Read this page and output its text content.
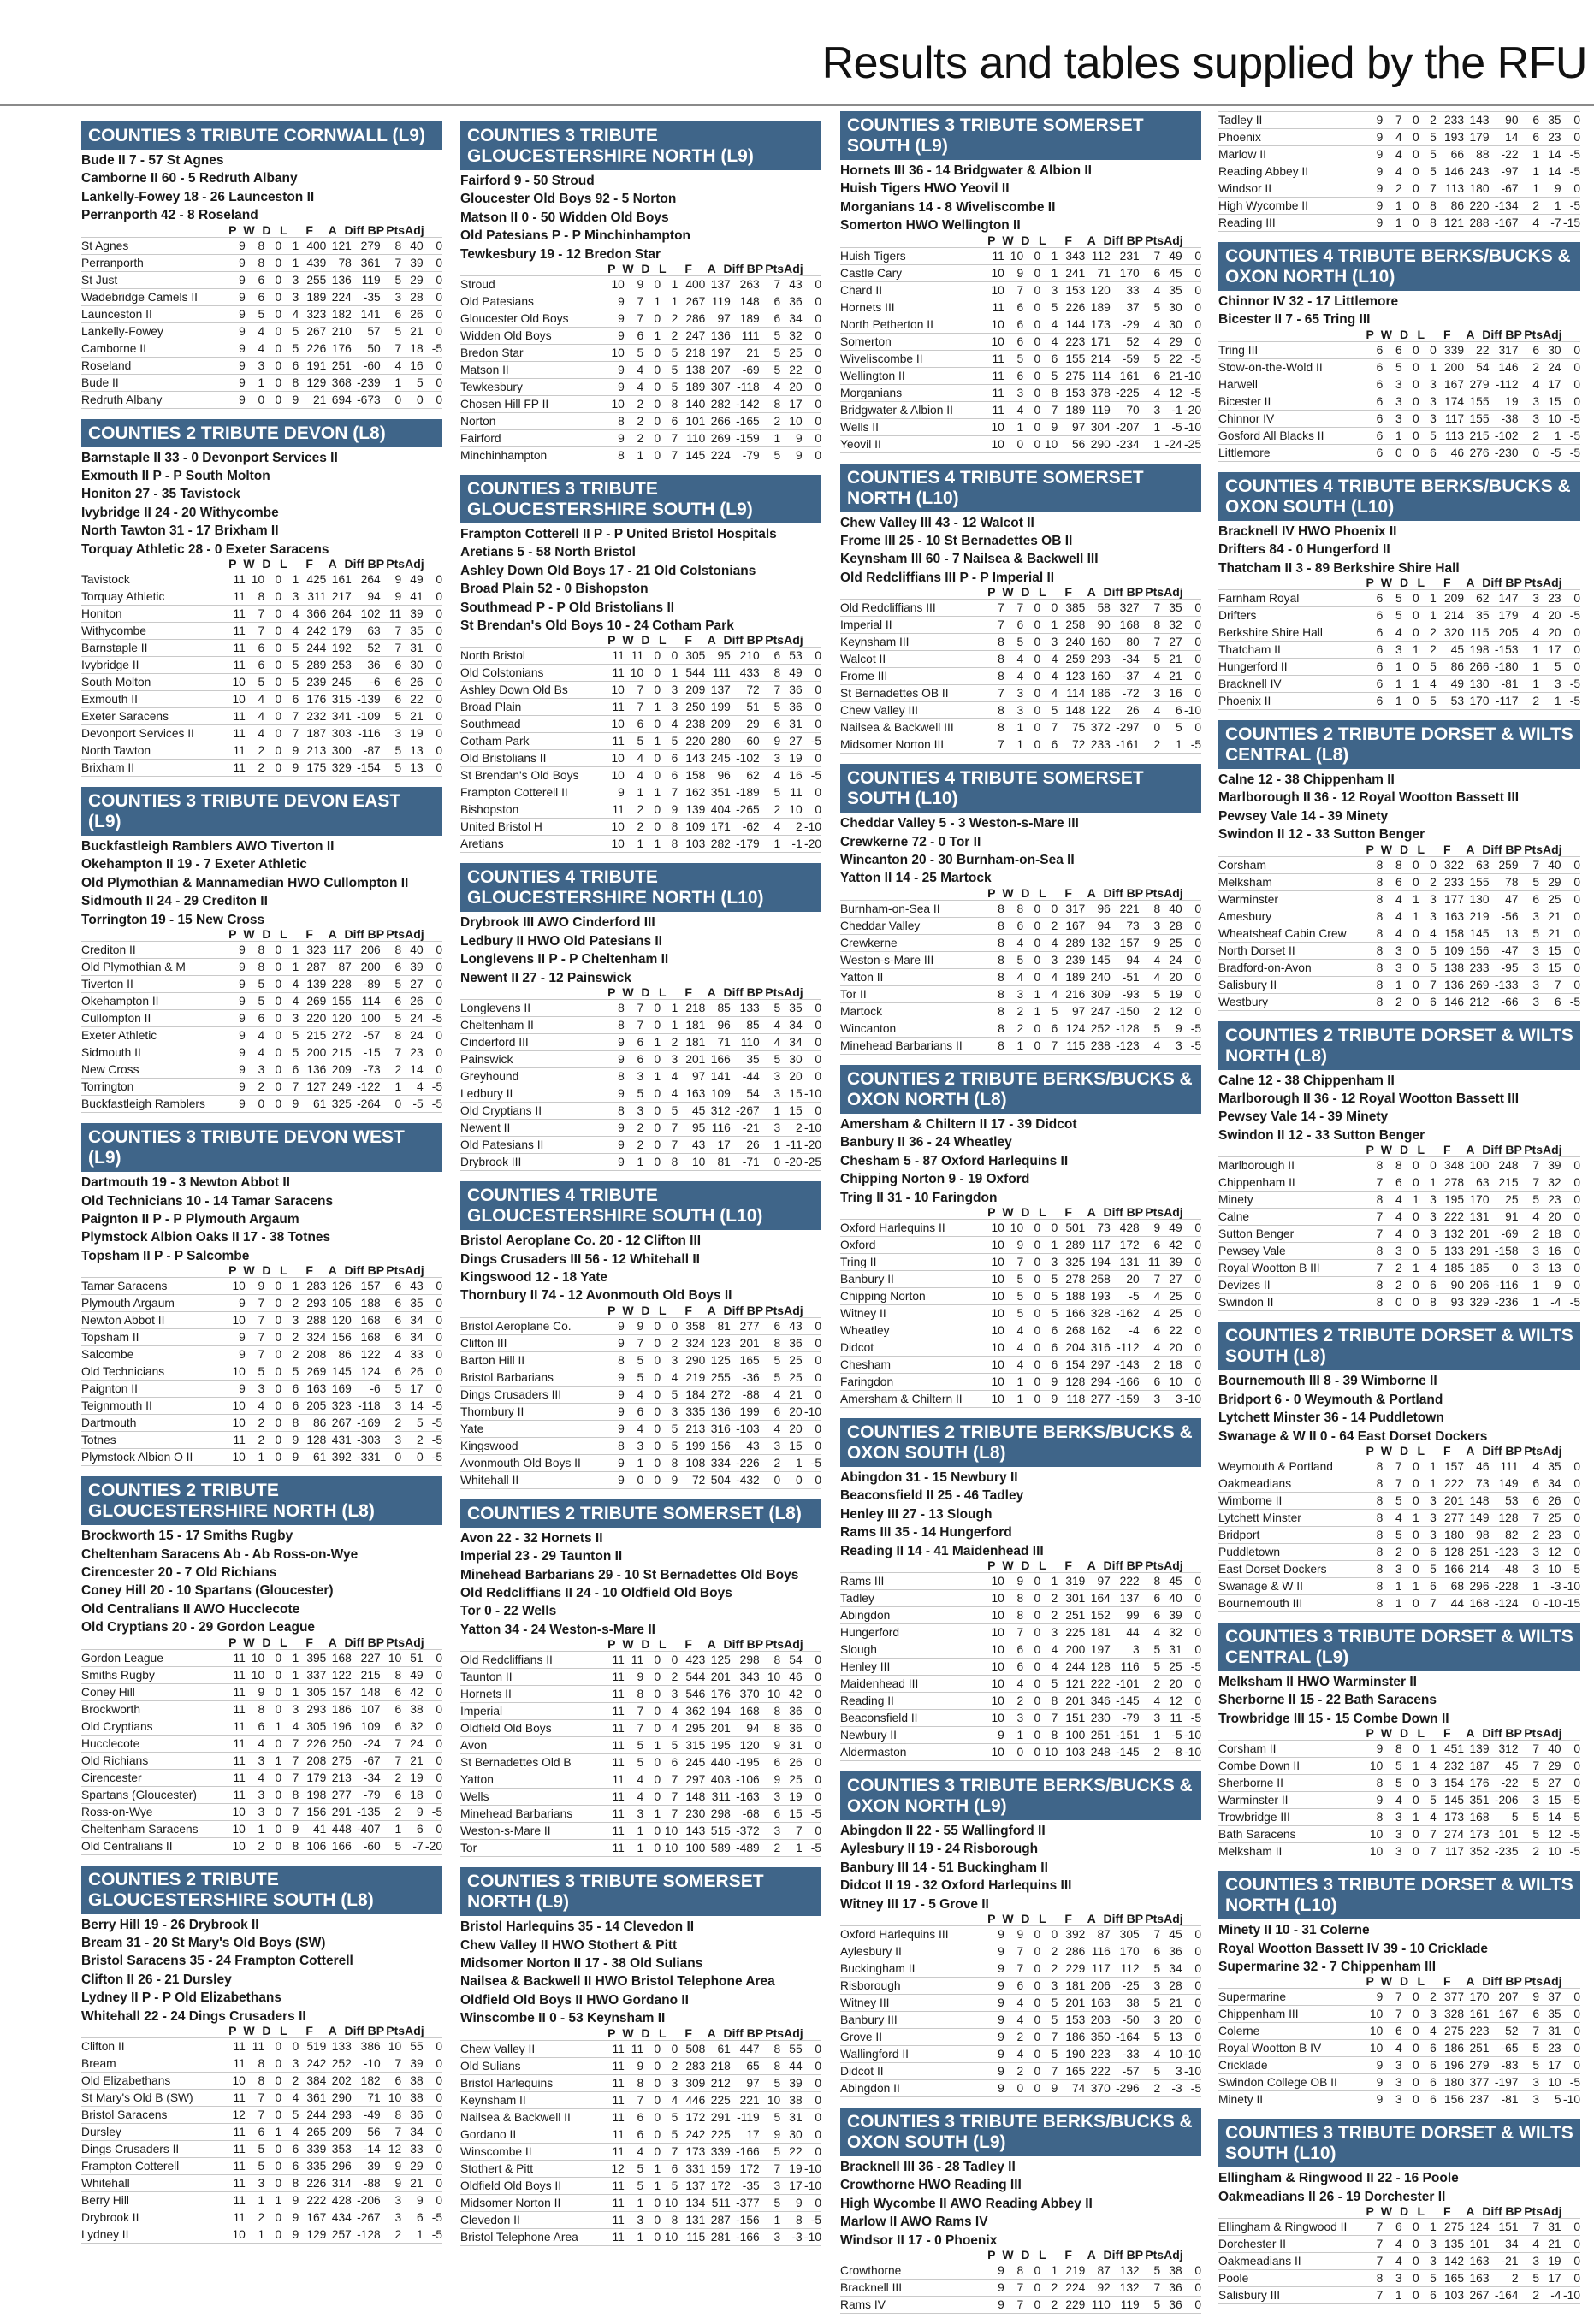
Results and tables supplied by the RFU
COUNTIES 3 TRIBUTE CORNWALL (L9)
Bude II 7 - 57 St Agnes
Camborne II 60 - 5 Redruth Albany
Lankelly-Fowey 18 - 26 Launceston II
Perranporth 42 - 8 Roseland
P W D L	F	A Diff BP Pts Adj
St Agnes	9	8	0	1	400	121	279	8	40	0
Perranporth	9	8	0	1	439	78	361	7	39	0
St Just	9	6	0	3	255	136	119	5	29	0
Wadebridge Camels II	9	6	0	3	189	224	-35	3	28	0
Launceston II	9	5	0	4	323	182	141	6	26	0
Lankelly-Fowey	9	4	0	5	267	210	57	5	21	0
Camborne II	9	4	0	5	226	176	50	7	18	-5
Roseland	9	3	0	6	191	251	-60	4	16	0
Bude II	9	1	0	8	129	368	-239	1	5	0
Redruth Albany	9	0	0	9	21	694	-673	0	0	0
COUNTIES 2 TRIBUTE DEVON (L8)
Barnstaple II 33 - 0 Devonport Services II
Exmouth II P - P South Molton
Honiton 27 - 35 Tavistock
Ivybridge II 24 - 20 Withycombe
North Tawton 31 - 17 Brixham II
Torquay Athletic 28 - 0 Exeter Saracens
P W D L	F	A Diff BP Pts Adj
Tavistock	11	10	0	1	425	161	264	9	49	0
Torquay Athletic	11	8	0	3	311	217	94	9	41	0
Honiton	11	7	0	4	366	264	102	11	39	0
Withycombe	11	7	0	4	242	179	63	7	35	0
Barnstaple II	11	6	0	5	244	192	52	7	31	0
Ivybridge II	11	6	0	5	289	253	36	6	30	0
South Molton	10	5	0	5	239	245	-6	6	26	0
Exmouth II	10	4	0	6	176	315	-139	6	22	0
Exeter Saracens	11	4	0	7	232	341	-109	5	21	0
Devonport Services II	11	4	0	7	187	303	-116	3	19	0
North Tawton	11	2	0	9	213	300	-87	5	13	0
Brixham II	11	2	0	9	175	329	-154	5	13	0
COUNTIES 3 TRIBUTE DEVON EAST (L9)
Buckfastleigh Ramblers AWO Tiverton II
Okehampton II 19 - 7 Exeter Athletic
Old Plymothian & Mannamedian HWO Cullompton II
Sidmouth II 24 - 29 Crediton II
Torrington 19 - 15 New Cross
P W D L	F	A Diff BP Pts Adj
Crediton II	9	8	0	1	323	117	206	8	40	0
Old Plymothian & M	9	8	0	1	287	87	200	6	39	0
Tiverton II	9	5	0	4	139	228	-89	5	27	0
Okehampton II	9	5	0	4	269	155	114	6	26	0
Cullompton II	9	6	0	3	220	120	100	5	24	-5
Exeter Athletic	9	4	0	5	215	272	-57	8	24	0
Sidmouth II	9	4	0	5	200	215	-15	7	23	0
New Cross	9	3	0	6	136	209	-73	2	14	0
Torrington	9	2	0	7	127	249	-122	1	4	-5
Buckfastleigh Ramblers	9	0	0	9	61	325	-264	0	-5	-5
COUNTIES 3 TRIBUTE DEVON WEST (L9)
Dartmouth 19 - 3 Newton Abbot II
Old Technicians 10 - 14 Tamar Saracens
Paignton II P - P Plymouth Argaum
Plymstock Albion Oaks II 17 - 38 Totnes
Topsham II P - P Salcombe
P W D L	F	A Diff BP Pts Adj
Tamar Saracens	10	9	0	1	283	126	157	6	43	0
Plymouth Argaum	9	7	0	2	293	105	188	6	35	0
Newton Abbot II	10	7	0	3	288	120	168	6	34	0
Topsham II	9	7	0	2	324	156	168	6	34	0
Salcombe	9	7	0	2	208	86	122	4	33	0
Old Technicians	10	5	0	5	269	145	124	6	26	0
Paignton II	9	3	0	6	163	169	-6	5	17	0
Teignmouth II	10	4	0	6	205	323	-118	3	14	-5
Dartmouth	10	2	0	8	86	267	-169	2	5	-5
Totnes	11	2	0	9	128	431	-303	3	2	-5
Plymstock Albion O II	10	1	0	9	61	392	-331	0	0	-5
COUNTIES 2 TRIBUTE GLOUCESTERSHIRE NORTH (L8)
Brockworth 15 - 17 Smiths Rugby
Cheltenham Saracens Ab - Ab Ross-on-Wye
Cirencester 20 - 7 Old Richians
Coney Hill 20 - 10 Spartans (Gloucester)
Old Centralians II AWO Hucclecote
Old Cryptians 20 - 29 Gordon League
P W D L	F	A Diff BP Pts Adj
Gordon League	11	10	0	1	395	168	227	10	51	0
Smiths Rugby	11	10	0	1	337	122	215	8	49	0
Coney Hill	11	9	0	1	305	157	148	6	42	0
Brockworth	11	8	0	3	293	186	107	6	38	0
Old Cryptians	11	6	1	4	305	196	109	6	32	0
Hucclecote	11	4	0	7	226	250	-24	7	24	0
Old Richians	11	3	1	7	208	275	-67	7	21	0
Cirencester	11	4	0	7	179	213	-34	2	19	0
Spartans (Gloucester)	11	3	0	8	198	277	-79	6	18	0
Ross-on-Wye	10	3	0	7	156	291	-135	2	9	-5
Cheltenham Saracens	10	1	0	9	41	448	-407	1	6	0
Old Centralians II	10	2	0	8	106	166	-60	5	-7	-20
COUNTIES 2 TRIBUTE GLOUCESTERSHIRE SOUTH (L8)
Berry Hill 19 - 26 Drybrook II
Bream 31 - 20 St Mary's Old Boys (SW)
Bristol Saracens 35 - 24 Frampton Cotterell
Clifton II 26 - 21 Dursley
Lydney II P - P Old Elizabethans
Whitehall 22 - 24 Dings Crusaders II
P W D L	F	A Diff BP Pts Adj
Clifton II	11	11	0	0	519	133	386	10	55	0
Bream	11	8	0	3	242	252	-10	7	39	0
Old Elizabethans	10	8	0	2	384	202	182	6	38	0
St Mary's Old B (SW)	11	7	0	4	361	290	71	10	38	0
Bristol Saracens	12	7	0	5	244	293	-49	8	36	0
Dursley	11	6	1	4	265	209	56	7	34	0
Dings Crusaders II	11	5	0	6	339	353	-14	12	33	0
Frampton Cotterell	11	5	0	6	335	296	39	9	29	0
Whitehall	11	3	0	8	226	314	-88	9	21	0
Berry Hill	11	1	1	9	222	428	-206	3	9	0
Drybrook II	11	2	0	9	167	434	-267	3	6	-5
Lydney II	10	1	0	9	129	257	-128	2	1	-5
COUNTIES 3 TRIBUTE GLOUCESTERSHIRE NORTH (L9)
Fairford 9 - 50 Stroud
Gloucester Old Boys 92 - 5 Norton
Matson II 0 - 50 Widden Old Boys
Old Patesians P - P Minchinhampton
Tewkesbury 19 - 12 Bredon Star
P W D L	F	A Diff BP Pts Adj
Stroud	10	9	0	1	400	137	263	7	43	0
Old Patesians	9	7	1	1	267	119	148	6	36	0
Gloucester Old Boys	9	7	0	2	286	97	189	6	34	0
Widden Old Boys	9	6	1	2	247	136	111	5	32	0
Bredon Star	10	5	0	5	218	197	21	5	25	0
Matson II	9	4	0	5	138	207	-69	5	22	0
Tewkesbury	9	4	0	5	189	307	-118	4	20	0
Chosen Hill FP II	10	2	0	8	140	282	-142	8	17	0
Norton	8	2	0	6	101	266	-165	2	10	0
Fairford	9	2	0	7	110	269	-159	1	9	0
Minchinhampton	8	1	0	7	145	224	-79	5	9	0
COUNTIES 3 TRIBUTE GLOUCESTERSHIRE SOUTH (L9)
Frampton Cotterell II P - P United Bristol Hospitals
Aretians 5 - 58 North Bristol
Ashley Down Old Boys 17 - 21 Old Colstonians
Broad Plain 52 - 0 Bishopston
Southmead P - P Old Bristolians II
St Brendan's Old Boys 10 - 24 Cotham Park
P W D L	F	A Diff BP Pts Adj
North Bristol	11	11	0	0	305	95	210	6	53	0
Old Colstonians	11	10	0	1	544	111	433	8	49	0
Ashley Down Old Bs	10	7	0	3	209	137	72	7	36	0
Broad Plain	11	7	1	3	250	199	51	5	36	0
Southmead	10	6	0	4	238	209	29	6	31	0
Cotham Park	11	5	1	5	220	280	-60	9	27	-5
Old Bristolians II	10	4	0	6	143	245	-102	3	19	0
St Brendan's Old Boys	10	4	0	6	158	96	62	4	16	-5
Frampton Cotterell II	9	1	1	7	162	351	-189	5	11	0
Bishopston	11	2	0	9	139	404	-265	2	10	0
United Bristol H	10	2	0	8	109	171	-62	4	2	-10
Aretians	10	1	1	8	103	282	-179	1	-1	-20
COUNTIES 4 TRIBUTE GLOUCESTERSHIRE NORTH (L10)
Drybrook III AWO Cinderford III
Ledbury II HWO Old Patesians II
Longlevens II P - P Cheltenham II
Newent II 27 - 12 Painswick
P W D L	F	A Diff BP Pts Adj
Longlevens II	8	7	0	1	218	85	133	5	35	0
Cheltenham II	8	7	0	1	181	96	85	4	34	0
Cinderford III	9	6	1	2	181	71	110	4	34	0
Painswick	9	6	0	3	201	166	35	5	30	0
Greyhound	8	3	1	4	97	141	-44	3	20	0
Ledbury II	9	5	0	4	163	109	54	3	15	-10
Old Cryptians II	8	3	0	5	45	312	-267	1	15	0
Newent II	9	2	0	7	95	116	-21	3	2	-10
Old Patesians II	9	2	0	7	43	17	26	1	-11	-20
Drybrook III	9	1	0	8	10	81	-71	0	-20	-25
COUNTIES 4 TRIBUTE GLOUCESTERSHIRE SOUTH (L10)
Bristol Aeroplane Co. 20 - 12 Clifton III
Dings Crusaders III 56 - 12 Whitehall II
Kingswood 12 - 18 Yate
Thornbury II 74 - 12 Avonmouth Old Boys II
P W D L	F	A Diff BP Pts Adj
Bristol Aeroplane Co.	9	9	0	0	358	81	277	6	43	0
Clifton III	9	7	0	2	324	123	201	8	36	0
Barton Hill II	8	5	0	3	290	125	165	5	25	0
Bristol Barbarians	9	5	0	4	219	255	-36	5	25	0
Dings Crusaders III	9	4	0	5	184	272	-88	4	21	0
Thornbury II	9	6	0	3	335	136	199	6	20	-10
Yate	9	4	0	5	213	316	-103	4	20	0
Kingswood	8	3	0	5	199	156	43	3	15	0
Avonmouth Old Boys II	9	1	0	8	108	334	-226	2	1	-5
Whitehall II	9	0	0	9	72	504	-432	0	0	0
COUNTIES 2 TRIBUTE SOMERSET (L8)
Avon 22 - 32 Hornets II
Imperial 23 - 29 Taunton II
Minehead Barbarians 29 - 10 St Bernadettes Old Boys
Old Redcliffians II 24 - 10 Oldfield Old Boys
Tor 0 - 22 Wells
Yatton 34 - 24 Weston-s-Mare II
P W D L	F	A Diff BP Pts Adj
Old Redcliffians II	11	11	0	0	423	125	298	8	54	0
Taunton II	11	9	0	2	544	201	343	10	46	0
Hornets II	11	8	0	3	546	176	370	10	42	0
Imperial	11	7	0	4	362	194	168	8	36	0
Oldfield Old Boys	11	7	0	4	295	201	94	8	36	0
Avon	11	5	1	5	315	195	120	9	31	0
St Bernadettes Old B	11	5	0	6	245	440	-195	6	26	0
Yatton	11	4	0	7	297	403	-106	9	25	0
Wells	11	4	0	7	148	311	-163	3	19	0
Minehead Barbarians	11	3	1	7	230	298	-68	6	15	-5
Weston-s-Mare II	11	1	0	10	143	515	-372	3	7	0
Tor	11	1	0	10	100	589	-489	2	1	-5
COUNTIES 3 TRIBUTE SOMERSET NORTH (L9)
Bristol Harlequins 35 - 14 Clevedon II
Chew Valley II HWO Stothert & Pitt
Midsomer Norton II 17 - 38 Old Sulians
Nailsea & Backwell II HWO Bristol Telephone Area
Oldfield Old Boys II HWO Gordano II
Winscombe II 0 - 53 Keynsham II
P W D L	F	A Diff BP Pts Adj
Chew Valley II	11	11	0	0	508	61	447	8	55	0
Old Sulians	11	9	0	2	283	218	65	8	44	0
Bristol Harlequins	11	8	0	3	309	212	97	5	39	0
Keynsham II	11	7	0	4	446	225	221	10	38	0
Nailsea & Backwell II	11	6	0	5	172	291	-119	5	31	0
Gordano II	11	6	0	5	242	225	17	9	30	0
Winscombe II	11	4	0	7	173	339	-166	5	22	0
Stothert & Pitt	12	5	1	6	331	159	172	7	19	-10
Oldfield Old Boys II	11	5	1	5	137	172	-35	3	17	-10
Midsomer Norton II	11	1	0	10	134	511	-377	5	9	0
Clevedon II	11	3	0	8	131	287	-156	1	8	-5
Bristol Telephone Area	11	1	0	10	115	281	-166	3	-3	-10
COUNTIES 3 TRIBUTE SOMERSET SOUTH (L9)
Hornets III 36 - 14 Bridgwater & Albion II
Huish Tigers HWO Yeovil II
Morganians 14 - 8 Wiveliscombe II
Somerton HWO Wellington II
P W D L	F	A Diff BP Pts Adj
Huish Tigers	11	10	0	1	343	112	231	7	49	0
Castle Cary	10	9	0	1	241	71	170	6	45	0
Chard II	10	7	0	3	153	120	33	4	35	0
Hornets III	11	6	0	5	226	189	37	5	30	0
North Petherton II	10	6	0	4	144	173	-29	4	30	0
Somerton	10	6	0	4	223	171	52	4	29	0
Wiveliscombe II	11	5	0	6	155	214	-59	5	22	-5
Wellington II	11	6	0	5	275	114	161	6	21	-10
Morganians	11	3	0	8	153	378	-225	4	12	-5
Bridgwater & Albion II	11	4	0	7	189	119	70	3	-1	-20
Wells II	10	1	0	9	97	304	-207	1	-5	-10
Yeovil II	10	0	0	10	56	290	-234	1	-24	-25
COUNTIES 4 TRIBUTE SOMERSET NORTH (L10)
Chew Valley III 43 - 12 Walcot II
Frome III 25 - 10 St Bernadettes OB II
Keynsham III 60 - 7 Nailsea & Backwell III
Old Redcliffians III P - P Imperial II
P W D L	F	A Diff BP Pts Adj
Old Redcliffians III	7	7	0	0	385	58	327	7	35	0
Imperial II	7	6	0	1	258	90	168	8	32	0
Keynsham III	8	5	0	3	240	160	80	7	27	0
Walcot II	8	4	0	4	259	293	-34	5	21	0
Frome III	8	4	0	4	123	160	-37	4	21	0
St Bernadettes OB II	7	3	0	4	114	186	-72	3	16	0
Chew Valley III	8	3	0	5	148	122	26	4	6	-10
Nailsea & Backwell III	8	1	0	7	75	372	-297	0	5	0
Midsomer Norton III	7	1	0	6	72	233	-161	2	1	-5
COUNTIES 4 TRIBUTE SOMERSET SOUTH (L10)
Cheddar Valley 5 - 3 Weston-s-Mare III
Crewkerne 72 - 0 Tor II
Wincanton 20 - 30 Burnham-on-Sea II
Yatton II 14 - 25 Martock
P W D L	F	A Diff BP Pts Adj
Burnham-on-Sea II	8	8	0	0	317	96	221	8	40	0
Cheddar Valley	8	6	0	2	167	94	73	3	28	0
Crewkerne	8	4	0	4	289	132	157	9	25	0
Weston-s-Mare III	8	5	0	3	239	145	94	4	24	0
Yatton II	8	4	0	4	189	240	-51	4	20	0
Tor II	8	3	1	4	216	309	-93	5	19	0
Martock	8	2	1	5	97	247	-150	2	12	0
Wincanton	8	2	0	6	124	252	-128	5	9	-5
Minehead Barbarians II	8	1	0	7	115	238	-123	4	3	-5
COUNTIES 2 TRIBUTE BERKS/BUCKS & OXON NORTH (L8)
Amersham & Chiltern II 17 - 39 Didcot
Banbury II 36 - 24 Wheatley
Chesham 5 - 87 Oxford Harlequins II
Chipping Norton 9 - 19 Oxford
Tring II 31 - 10 Faringdon
P W D L	F	A Diff BP Pts Adj
Oxford Harlequins II	10	10	0	0	501	73	428	9	49	0
Oxford	10	9	0	1	289	117	172	6	42	0
Tring II	10	7	0	3	325	194	131	11	39	0
Banbury II	10	5	0	5	278	258	20	7	27	0
Chipping Norton	10	5	0	5	188	193	-5	4	25	0
Witney II	10	5	0	5	166	328	-162	4	25	0
Wheatley	10	4	0	6	268	162	-4	6	22	0
Didcot	10	4	0	6	204	316	-112	4	20	0
Chesham	10	4	0	6	154	297	-143	2	18	0
Faringdon	10	1	0	9	128	294	-166	6	10	0
Amersham & Chiltern II	10	1	0	9	118	277	-159	3	3	-10
COUNTIES 2 TRIBUTE BERKS/BUCKS & OXON SOUTH (L8)
Abingdon 31 - 15 Newbury II
Beaconsfield II 25 - 46 Tadley
Henley III 27 - 13 Slough
Rams III 35 - 14 Hungerford
Reading II 14 - 41 Maidenhead III
P W D L	F	A Diff BP Pts Adj
Rams III	10	9	0	1	319	97	222	8	45	0
Tadley	10	8	0	2	301	164	137	6	40	0
Abingdon	10	8	0	2	251	152	99	6	39	0
Hungerford	10	7	0	3	225	181	44	4	32	0
Slough	10	6	0	4	200	197	3	5	31	0
Henley III	10	6	0	4	244	128	116	5	25	-5
Maidenhead III	10	4	0	5	121	222	-101	2	20	0
Reading II	10	2	0	8	201	346	-145	4	12	0
Beaconsfield II	10	3	0	7	151	230	-79	3	11	-5
Newbury II	9	1	0	8	100	251	-151	1	-5	-10
Aldermaston	10	0	0	10	103	248	-145	2	-8	-10
COUNTIES 3 TRIBUTE BERKS/BUCKS & OXON NORTH (L9)
Abingdon II 22 - 55 Wallingford II
Aylesbury II 19 - 24 Risborough
Banbury III 14 - 51 Buckingham II
Didcot II 19 - 32 Oxford Harlequins III
Witney III 17 - 5 Grove II
P W D L	F	A Diff BP Pts Adj
Oxford Harlequins III	9	9	0	0	392	87	305	7	45	0
Aylesbury II	9	7	0	2	286	116	170	6	36	0
Buckingham II	9	7	0	2	229	117	112	5	34	0
Risborough	9	6	0	3	181	206	-25	3	28	0
Witney III	9	4	0	5	201	163	38	5	21	0
Banbury III	9	4	0	5	153	203	-50	3	20	0
Grove II	9	2	0	7	186	350	-164	5	13	0
Wallingford II	9	4	0	5	190	223	-33	4	10	-10
Didcot II	9	2	0	7	165	222	-57	5	3	-10
Abingdon II	9	0	0	9	74	370	-296	2	-3	-5
COUNTIES 3 TRIBUTE BERKS/BUCKS & OXON SOUTH (L9)
Bracknell III 36 - 28 Tadley II
Crowthorne HWO Reading III
High Wycombe II AWO Reading Abbey II
Marlow II AWO Rams IV
Windsor II 17 - 0 Phoenix
P W D L	F	A Diff BP Pts Adj
Crowthorne	9	8	0	1	219	87	132	5	38	0
Bracknell III	9	7	0	2	224	92	132	7	36	0
Rams IV	9	7	0	2	229	110	119	5	36	0
Tadley II	9	7	0	2	233	143	90	6	35	0
Phoenix	9	4	0	5	193	179	14	6	23	0
Marlow II	9	4	0	5	66	88	-22	1	14	-5
Reading Abbey II	9	4	0	5	146	243	-97	1	14	-5
Windsor II	9	2	0	7	113	180	-67	1	9	0
High Wycombe II	9	1	0	8	86	220	-134	2	1	-5
Reading III	9	1	0	8	121	288	-167	4	-7	-15
COUNTIES 4 TRIBUTE BERKS/BUCKS & OXON NORTH (L10)
Chinnor IV 32 - 17 Littlemore
Bicester II 7 - 65 Tring III
P W D L	F	A Diff BP Pts Adj
Tring III	6	6	0	0	339	22	317	6	30	0
Stow-on-the-Wold II	6	5	0	1	200	54	146	2	24	0
Harwell	6	3	0	3	167	279	-112	4	17	0
Bicester II	6	3	0	3	174	155	19	3	15	0
Chinnor IV	6	3	0	3	117	155	-38	3	10	-5
Gosford All Blacks II	6	1	0	5	113	215	-102	2	1	-5
Littlemore	6	0	0	6	46	276	-230	0	-5	-5
COUNTIES 4 TRIBUTE BERKS/BUCKS & OXON SOUTH (L10)
Bracknell IV HWO Phoenix II
Drifters 84 - 0 Hungerford II
Thatcham II 3 - 89 Berkshire Shire Hall
P W D L	F	A Diff BP Pts Adj
Farnham Royal	6	5	0	1	209	62	147	3	23	0
Drifters	6	5	0	1	214	35	179	4	20	-5
Berkshire Shire Hall	6	4	0	2	320	115	205	4	20	0
Thatcham II	6	3	1	2	45	198	-153	1	17	0
Hungerford II	6	1	0	5	86	266	-180	1	5	0
Bracknell IV	6	1	1	4	49	130	-81	1	3	-5
Phoenix II	6	1	0	5	53	170	-117	2	1	-5
COUNTIES 2 TRIBUTE DORSET & WILTS CENTRAL (L8)
Calne 12 - 38 Chippenham II
Marlborough II 36 - 12 Royal Wootton Bassett III
Pewsey Vale 14 - 39 Minety
Swindon II 12 - 33 Sutton Benger
P W D L	F	A Diff BP Pts Adj
Corsham	8	8	0	0	322	63	259	7	40	0
Melksham	8	6	0	2	233	155	78	5	29	0
Warminster	8	4	1	3	177	130	47	6	25	0
Amesbury	8	4	1	3	163	219	-56	3	21	0
Wheatsheaf Cabin Crew	8	4	0	4	158	145	13	5	21	0
North Dorset II	8	3	0	5	109	156	-47	3	15	0
Bradford-on-Avon	8	3	0	5	138	233	-95	3	15	0
Salisbury II	8	1	0	7	136	269	-133	3	7	0
Westbury	8	2	0	6	146	212	-66	3	6	-5
COUNTIES 2 TRIBUTE DORSET & WILTS NORTH (L8)
Calne 12 - 38 Chippenham II
Marlborough II 36 - 12 Royal Wootton Bassett III
Pewsey Vale 14 - 39 Minety
Swindon II 12 - 33 Sutton Benger
P W D L	F	A Diff BP Pts Adj
Marlborough II	8	8	0	0	348	100	248	7	39	0
Chippenham II	7	6	0	1	278	63	215	7	32	0
Minety	8	4	1	3	195	170	25	5	23	0
Calne	7	4	0	3	222	131	91	4	20	0
Sutton Benger	7	4	0	3	132	201	-69	2	18	0
Pewsey Vale	8	3	0	5	133	291	-158	3	16	0
Royal Wootton B III	7	2	1	4	185	185	0	3	13	0
Devizes II	8	2	0	6	90	206	-116	1	9	0
Swindon II	8	0	0	8	93	329	-236	1	-4	-5
COUNTIES 2 TRIBUTE DORSET & WILTS SOUTH (L8)
Bournemouth III 8 - 39 Wimborne II
Bridport 6 - 0 Weymouth & Portland
Lytchett Minster 36 - 14 Puddletown
Swanage & W II 0 - 64 East Dorset Dockers
P W D L	F	A Diff BP Pts Adj
Weymouth & Portland	8	7	0	1	157	46	111	4	35	0
Oakmeadians	8	7	0	1	222	73	149	6	34	0
Wimborne II	8	5	0	3	201	148	53	6	26	0
Lytchett Minster	8	4	1	3	277	149	128	7	25	0
Bridport	8	5	0	3	180	98	82	2	23	0
Puddletown	8	2	0	6	128	251	-123	3	12	0
East Dorset Dockers	8	3	0	5	166	214	-48	3	10	-5
Swanage & W II	8	1	1	6	68	296	-228	1	-3	-10
Bournemouth III	8	1	0	7	44	168	-124	0	-10	-15
COUNTIES 3 TRIBUTE DORSET & WILTS CENTRAL (L9)
Melksham II HWO Warminster II
Sherborne II 15 - 22 Bath Saracens
Trowbridge III 15 - 15 Combe Down II
P W D L	F	A Diff BP Pts Adj
Corsham II	9	8	0	1	451	139	312	7	40	0
Combe Down II	10	5	1	4	232	187	45	7	29	0
Sherborne II	8	5	0	3	154	176	-22	5	27	0
Warminster II	9	4	0	5	145	351	-206	3	15	-5
Trowbridge III	8	3	1	4	173	168	5	5	14	-5
Bath Saracens	10	3	0	7	274	173	101	5	12	-5
Melksham II	10	3	0	7	117	352	-235	2	10	-5
COUNTIES 3 TRIBUTE DORSET & WILTS NORTH (L10)
Minety II 10 - 31 Colerne
Royal Wootton Bassett IV 39 - 10 Cricklade
Supermarine 32 - 7 Chippenham III
P W D L	F	A Diff BP Pts Adj
Supermarine	9	7	0	2	377	170	207	9	37	0
Chippenham III	10	7	0	3	328	161	167	6	35	0
Colerne	10	6	0	4	275	223	52	7	31	0
Royal Wootton B IV	10	4	0	6	186	251	-65	5	23	0
Cricklade	9	3	0	6	196	279	-83	5	17	0
Swindon College OB II	9	3	0	6	180	377	-197	3	10	-5
Minety II	9	3	0	6	156	237	-81	3	5	-10
COUNTIES 3 TRIBUTE DORSET & WILTS SOUTH (L10)
Ellingham & Ringwood II 22 - 16 Poole
Oakmeadians II 26 - 19 Dorchester II
P W D L	F	A Diff BP Pts Adj
Ellingham & Ringwood II	7	6	0	1	275	124	151	7	31	0
Dorchester II	7	4	0	3	135	101	34	4	21	0
Oakmeadians II	7	4	0	3	142	163	-21	3	19	0
Poole	8	3	0	5	165	163	2	5	17	0
Salisbury III	7	1	0	6	103	267	-164	2	-4	-10
